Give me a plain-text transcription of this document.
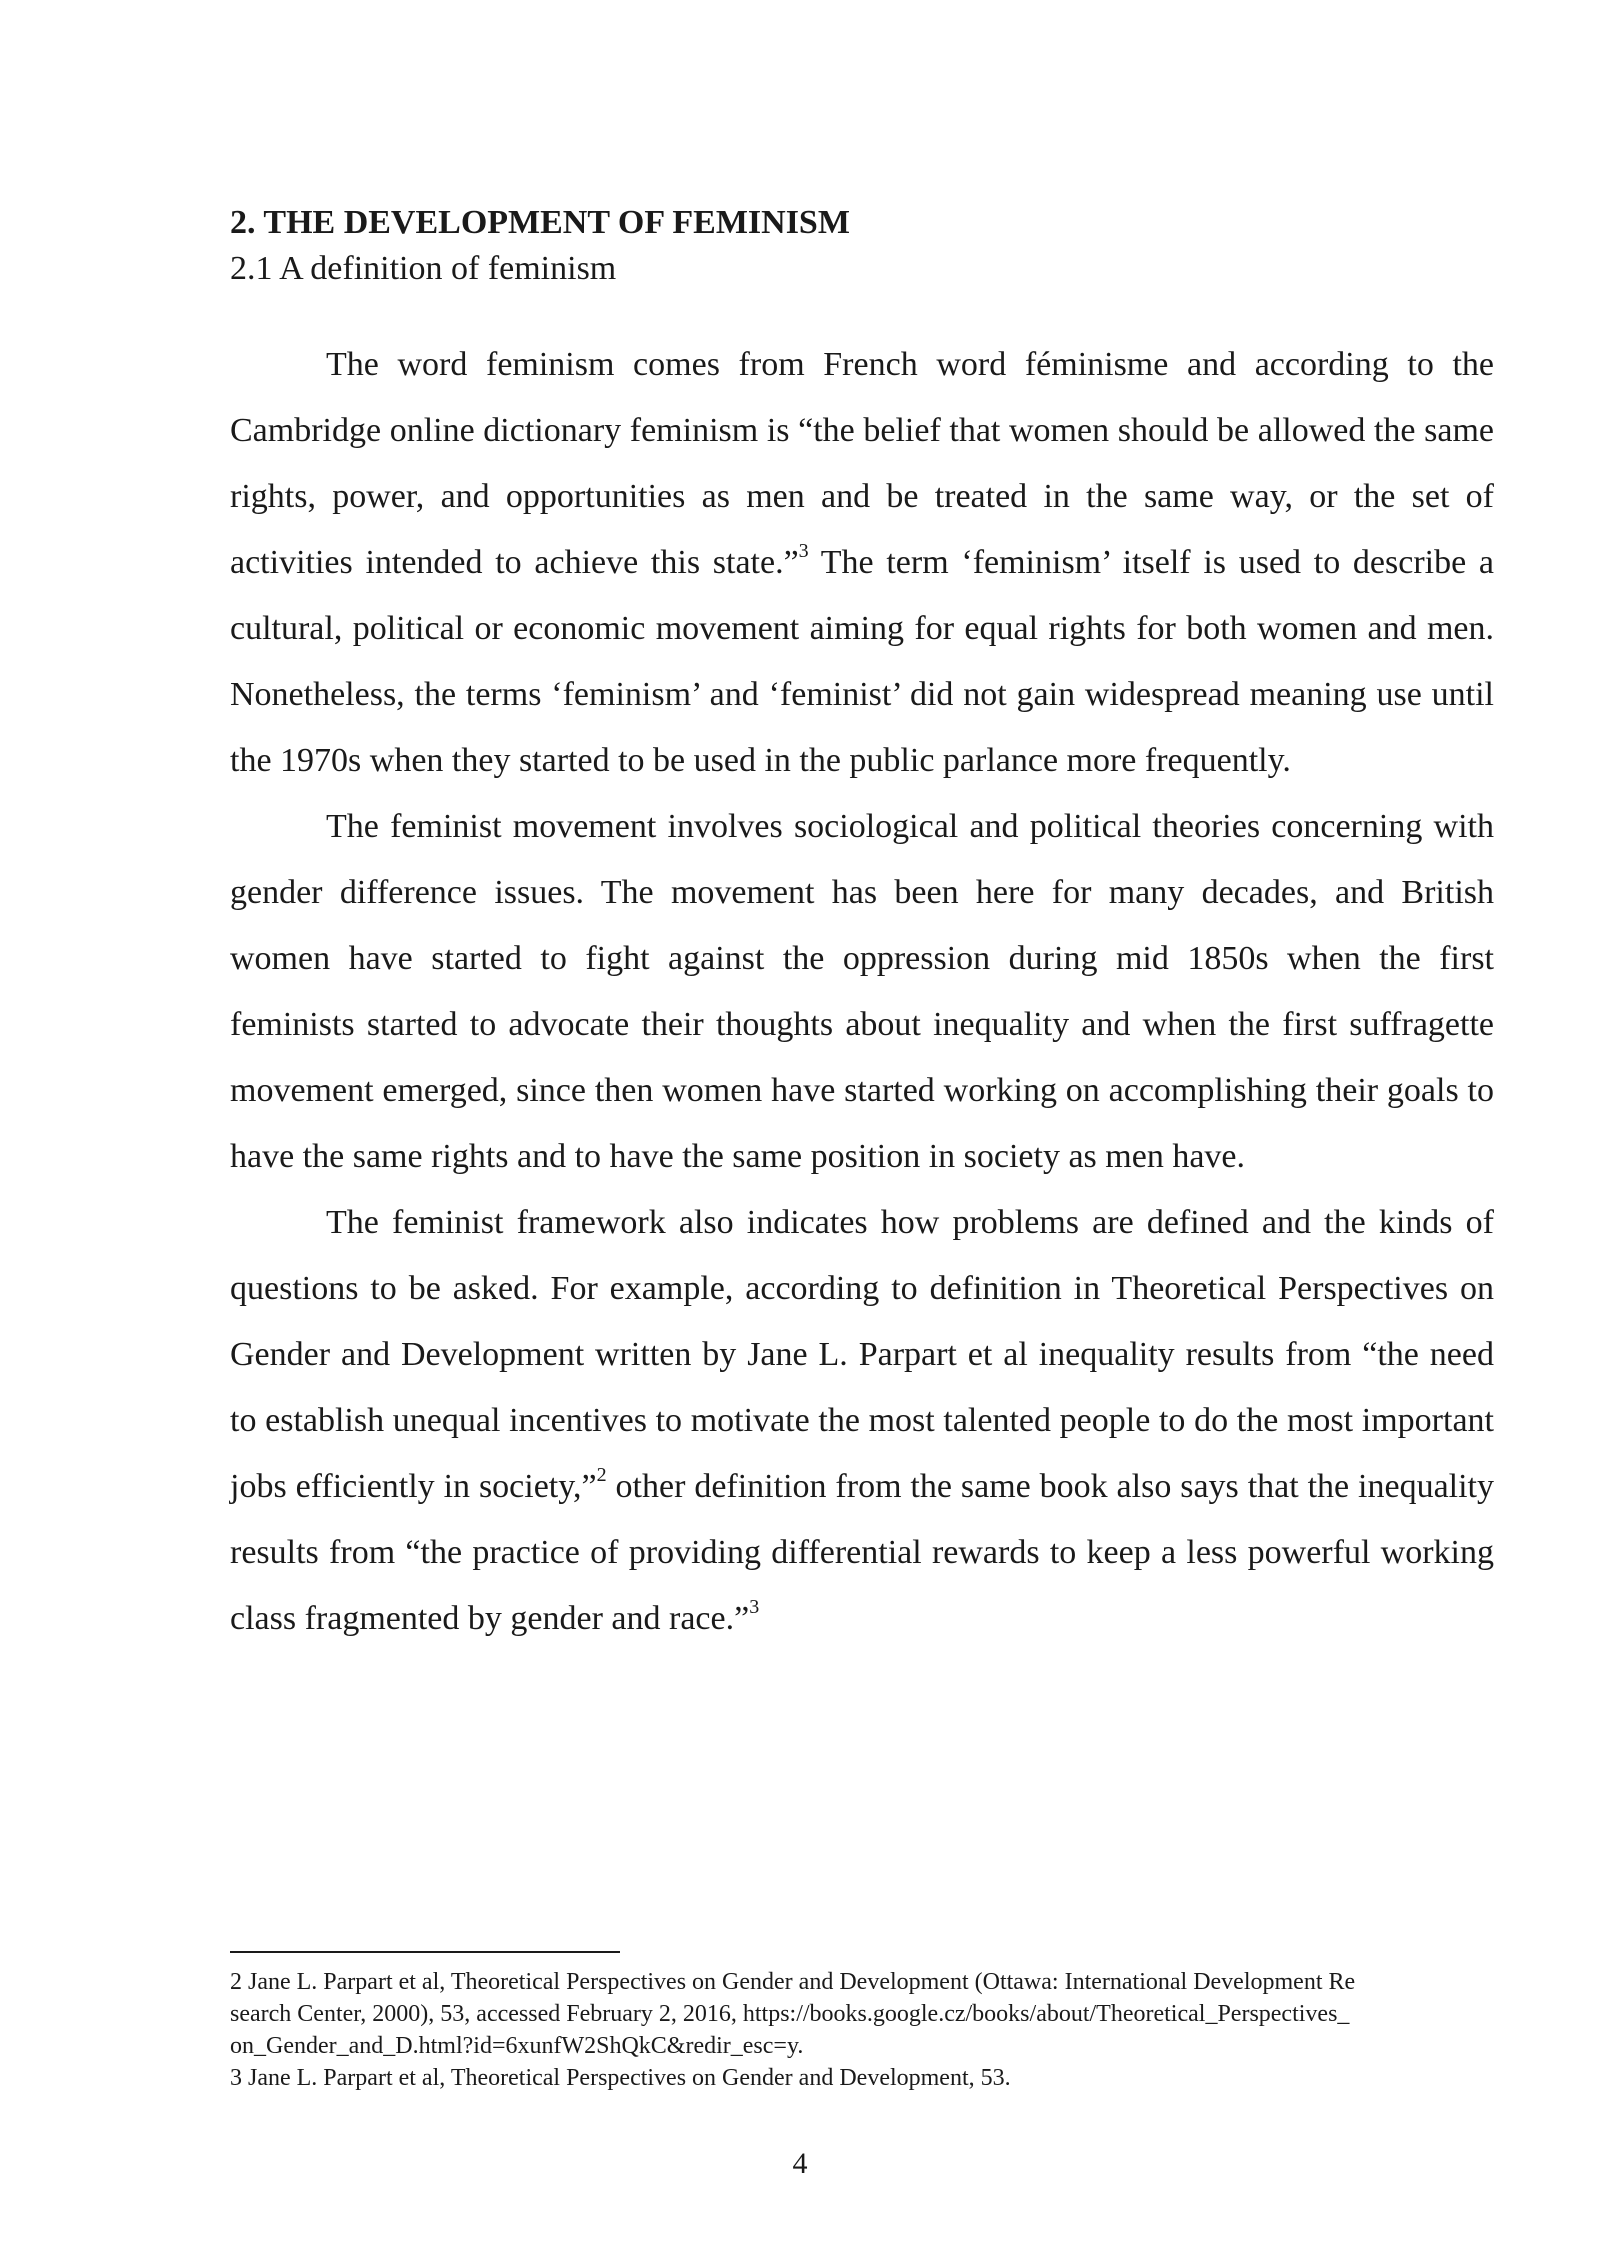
2. THE DEVELOPMENT OF FEMINISM

2.1 A definition of feminism

The word feminism comes from French word féminisme and according to the Cambridge online dictionary feminism is “the belief that women should be allowed the same rights, power, and opportunities as men and be treated in the same way, or the set of activities intended to achieve this state.”$^3$ The term ‘feminism’ itself is used to describe a cultural, political or economic movement aiming for equal rights for both women and men. Nonetheless, the terms ‘feminism’ and ‘feminist’ did not gain widespread meaning use until the 1970s when they started to be used in the public parlance more frequently.

The feminist movement involves sociological and political theories concerning with gender difference issues. The movement has been here for many decades, and British women have started to fight against the oppression during mid 1850s when the first feminists started to advocate their thoughts about inequality and when the first suffragette movement emerged, since then women have started working on accomplishing their goals to have the same rights and to have the same position in society as men have.

The feminist framework also indicates how problems are defined and the kinds of questions to be asked. For example, according to definition in Theoretical Perspectives on Gender and Development written by Jane L. Parpart et al inequality results from “the need to establish unequal incentives to motivate the most talented people to do the most important jobs efficiently in society,”$^2$ other definition from the same book also says that the inequality results from “the practice of providing differential rewards to keep a less powerful working class fragmented by gender and race.”$^3$

2 Jane L. Parpart et al, Theoretical Perspectives on Gender and Development (Ottawa: International Development Research Center, 2000), 53, accessed February 2, 2016, https://books.google.cz/books/about/Theoretical_Perspectives_on_Gender_and_D.html?id=6xunfW2ShQkC&redir_esc=y.

3 Jane L. Parpart et al, Theoretical Perspectives on Gender and Development, 53.

4
